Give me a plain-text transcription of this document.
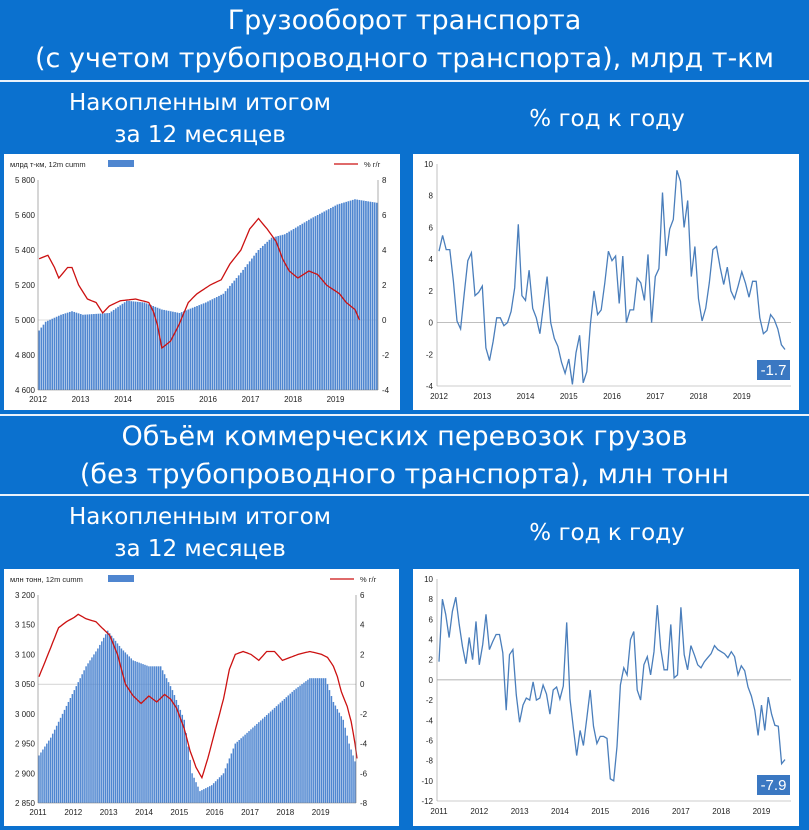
Грузооборот транспорта
(с учетом трубопроводного транспорта), млрд т-км
Накопленным итогом
за 12 месяцев
% год к году
4 600
4 800
5 000
5 200
5 400
5 600
5 800
-4
-2
0
2
4
6
8
2012	2013	2014	2015	2016	2017	2018	2019
млрд т-км, 12m cumm	% г/г	10
8
6
4
2
0
-2
-4
2012	2013	2014	2015	2016	2017	2018	2019
-1.7
Объём коммерческих перевозок грузов
(без трубопроводного транспорта), млн тонн
Накопленным итогом
за 12 месяцев
% год к году
2 850
2 900
2 950
3 000
3 050
3 100
3 150
3 200
-8
-6
-4
-2
0
2
4
6
2011 2012 2013 2014 2015 2016 2017 2018 2019
млн тонн, 12m cumm	% г/г	10
8
6
4
2
0
-2
-4
-6
-8
-10
-12
2011	2012	2013	2014	2015	2016	2017	2018	2019
-7.9
